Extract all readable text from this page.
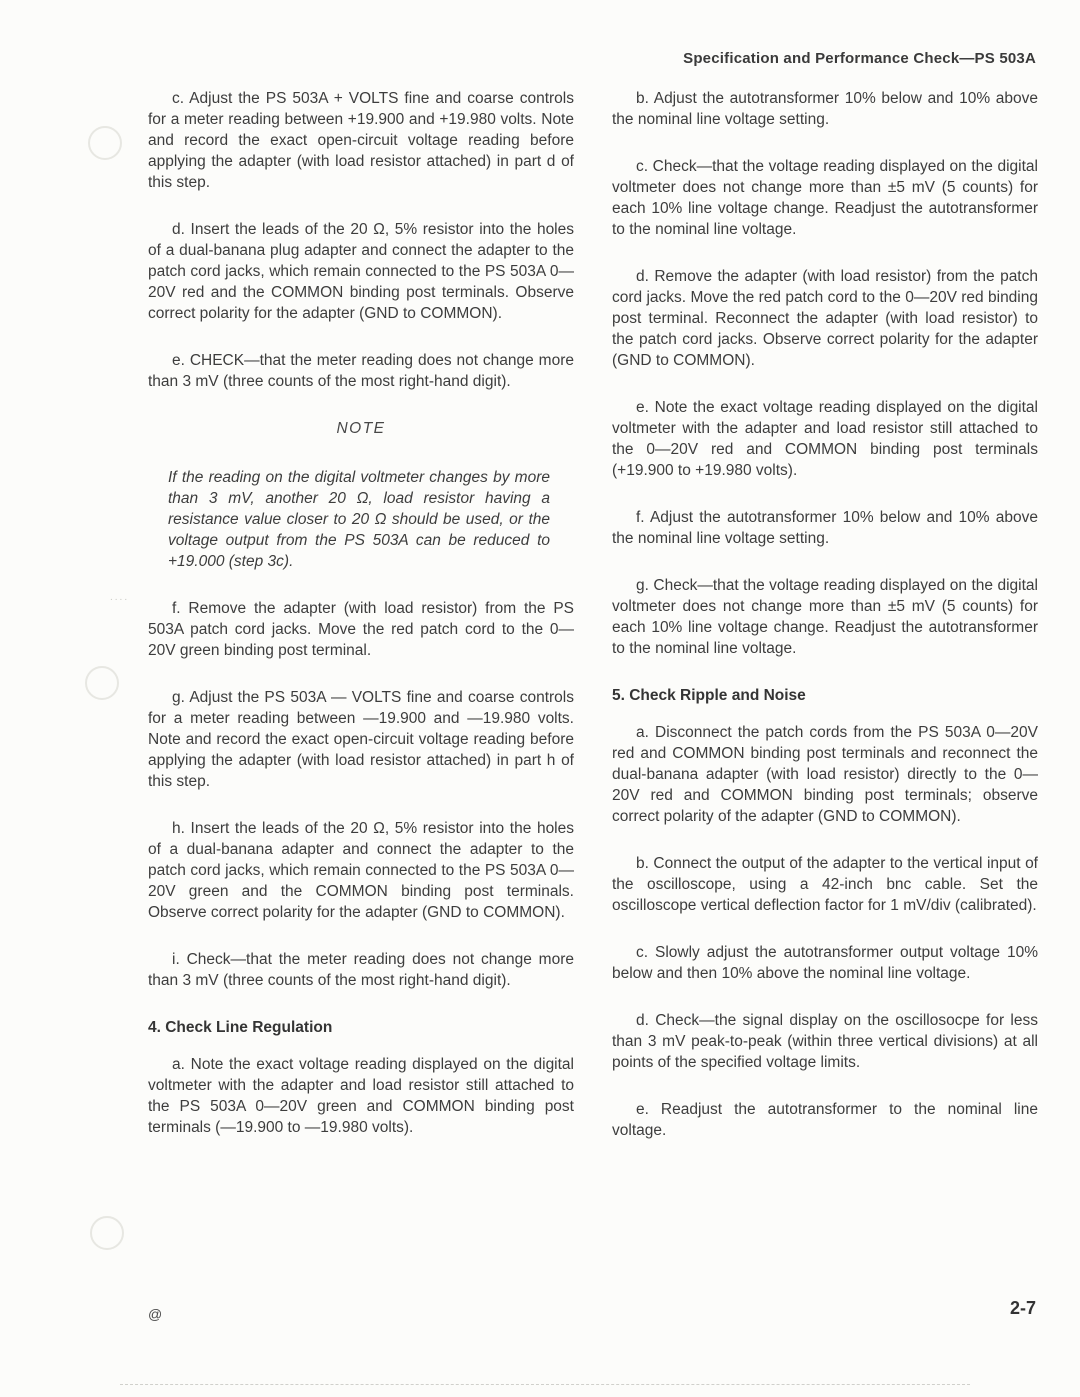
....
Specification and Performance Check—PS 503A

c. Adjust the PS 503A + VOLTS fine and coarse controls for a meter reading between +19.900 and +19.980 volts. Note and record the exact open-circuit voltage reading before applying the adapter (with load resistor attached) in part d of this step.

d. Insert the leads of the 20 Ω, 5% resistor into the holes of a dual-banana plug adapter and connect the adapter to the patch cord jacks, which remain connected to the PS 503A 0—20V red and the COMMON binding post terminals. Observe correct polarity for the adapter (GND to COMMON).

e. CHECK—that the meter reading does not change more than 3 mV (three counts of the most right-hand digit).

NOTE

If the reading on the digital voltmeter changes by more than 3 mV, another 20 Ω, load resistor having a resistance value closer to 20 Ω should be used, or the voltage output from the PS 503A can be reduced to +19.000 (step 3c).

f. Remove the adapter (with load resistor) from the PS 503A patch cord jacks. Move the red patch cord to the 0—20V green binding post terminal.

g. Adjust the PS 503A — VOLTS fine and coarse controls for a meter reading between —19.900 and —19.980 volts. Note and record the exact open-circuit voltage reading before applying the adapter (with load resistor attached) in part h of this step.

h. Insert the leads of the 20 Ω, 5% resistor into the holes of a dual-banana adapter and connect the adapter to the patch cord jacks, which remain connected to the PS 503A 0—20V green and the COMMON binding post terminals. Observe correct polarity for the adapter (GND to COMMON).

i. Check—that the meter reading does not change more than 3 mV (three counts of the most right-hand digit).

4. Check Line Regulation

a. Note the exact voltage reading displayed on the digital voltmeter with the adapter and load resistor still attached to the PS 503A 0—20V green and COMMON binding post terminals (—19.900 to —19.980 volts).

b. Adjust the autotransformer 10% below and 10% above the nominal line voltage setting.

c. Check—that the voltage reading displayed on the digital voltmeter does not change more than ±5 mV (5 counts) for each 10% line voltage change. Readjust the autotransformer to the nominal line voltage.

d. Remove the adapter (with load resistor) from the patch cord jacks. Move the red patch cord to the 0—20V red binding post terminal. Reconnect the adapter (with load resistor) to the patch cord jacks. Observe correct polarity for the adapter (GND to COMMON).

e. Note the exact voltage reading displayed on the digital voltmeter with the adapter and load resistor still attached to the 0—20V red and COMMON binding post terminals (+19.900 to +19.980 volts).

f. Adjust the autotransformer 10% below and 10% above the nominal line voltage setting.

g. Check—that the voltage reading displayed on the digital voltmeter does not change more than ±5 mV (5 counts) for each 10% line voltage change. Readjust the autotransformer to the nominal line voltage.

5. Check Ripple and Noise

a. Disconnect the patch cords from the PS 503A 0—20V red and COMMON binding post terminals and reconnect the dual-banana adapter (with load resistor) directly to the 0—20V red and COMMON binding post terminals; observe correct polarity of the adapter (GND to COMMON).

b. Connect the output of the adapter to the vertical input of the oscilloscope, using a 42-inch bnc cable. Set the oscilloscope vertical deflection factor for 1 mV/div (calibrated).

c. Slowly adjust the autotransformer output voltage 10% below and then 10% above the nominal line voltage.

d. Check—the signal display on the oscillosocpe for less than 3 mV peak-to-peak (within three vertical divisions) at all points of the specified voltage limits.

e. Readjust the autotransformer to the nominal line voltage.

@	2-7
